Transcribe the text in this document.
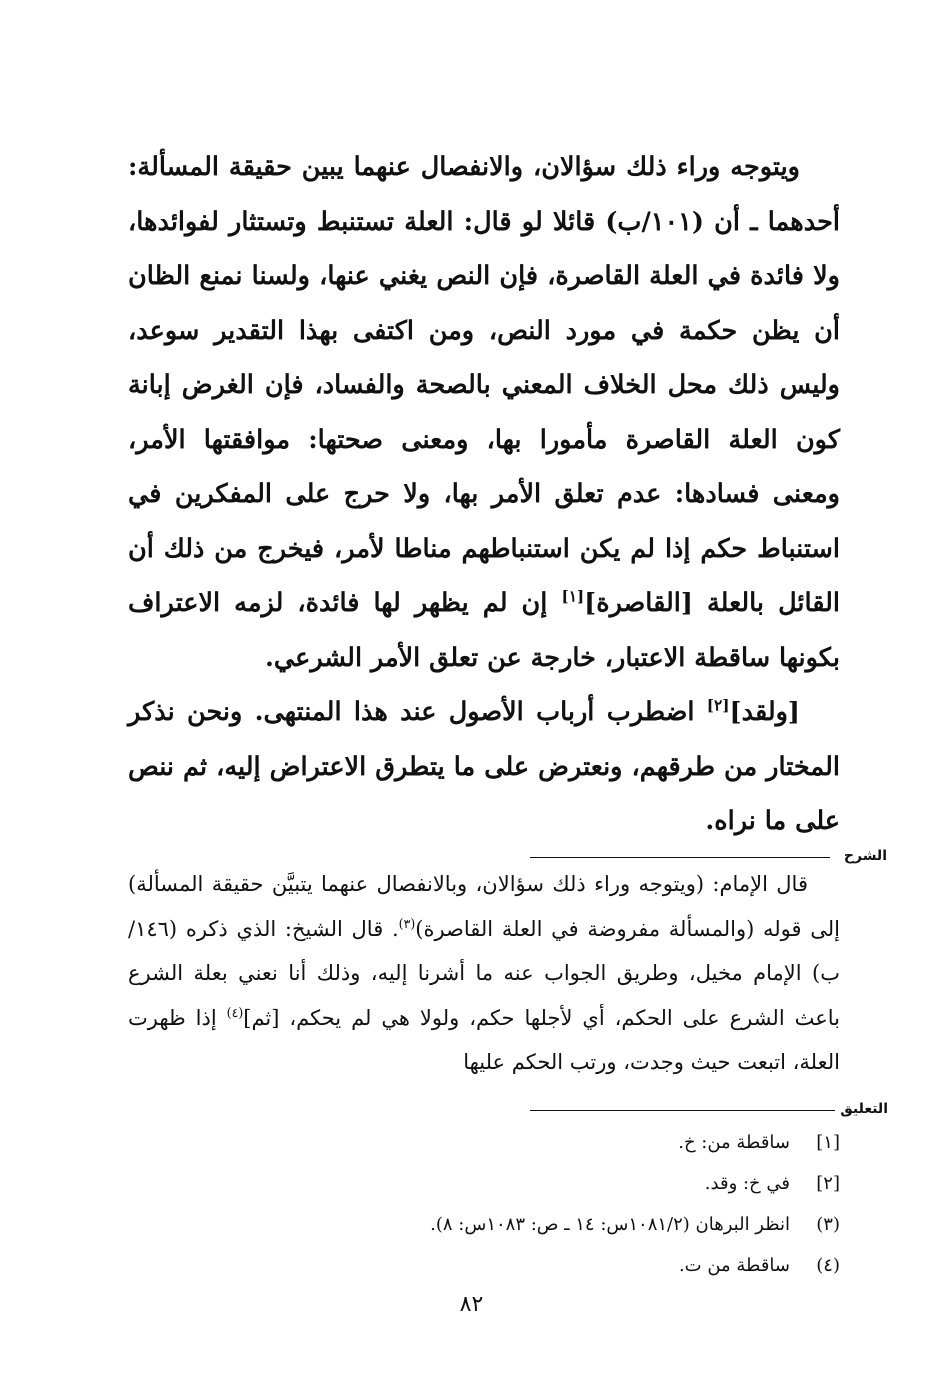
ويتوجه وراء ذلك سؤالان، والانفصال عنهما يبين حقيقة المسألة: أحدهما ـ أن (١٠١/ب) قائلا لو قال: العلة تستنبط وتستثار لفوائدها، ولا فائدة في العلة القاصرة، فإن النص يغني عنها، ولسنا نمنع الظان أن يظن حكمة في مورد النص، ومن اكتفى بهذا التقدير سوعد، وليس ذلك محل الخلاف المعني بالصحة والفساد، فإن الغرض إبانة كون العلة القاصرة مأمورا بها، ومعنى صحتها: موافقتها الأمر، ومعنى فسادها: عدم تعلق الأمر بها، ولا حرج على المفكرين في استنباط حكم إذا لم يكن استنباطهم مناطا لأمر، فيخرج من ذلك أن القائل بالعلة [القاصرة][١] إن لم يظهر لها فائدة، لزمه الاعتراف بكونها ساقطة الاعتبار، خارجة عن تعلق الأمر الشرعي.

[ولقد][٢] اضطرب أرباب الأصول عند هذا المنتهى. ونحن نذكر المختار من طرقهم، ونعترض على ما يتطرق الاعتراض إليه، ثم ننص على ما نراه.

الشرح

قال الإمام: (ويتوجه وراء ذلك سؤالان، وبالانفصال عنهما يتبيَّن حقيقة المسألة) إلى قوله (والمسألة مفروضة في العلة القاصرة)$^{(٣)}$. قال الشيخ: الذي ذكره (١٤٦/ب) الإمام مخيل، وطريق الجواب عنه ما أشرنا إليه، وذلك أنا نعني بعلة الشرع باعث الشرع على الحكم، أي لأجلها حكم، ولولا هي لم يحكم، [ثم]$^{(٤)}$ إذا ظهرت العلة، اتبعت حيث وجدت، ورتب الحكم عليها

التعليق
[١]
ساقطة من: خ.
[٢]
في خ: وقد.
(٣)
انظر البرهان (١٠٨١/٢س: ١٤ ـ ص: ١٠٨٣س: ٨).
(٤)
ساقطة من ت.
٨٢
